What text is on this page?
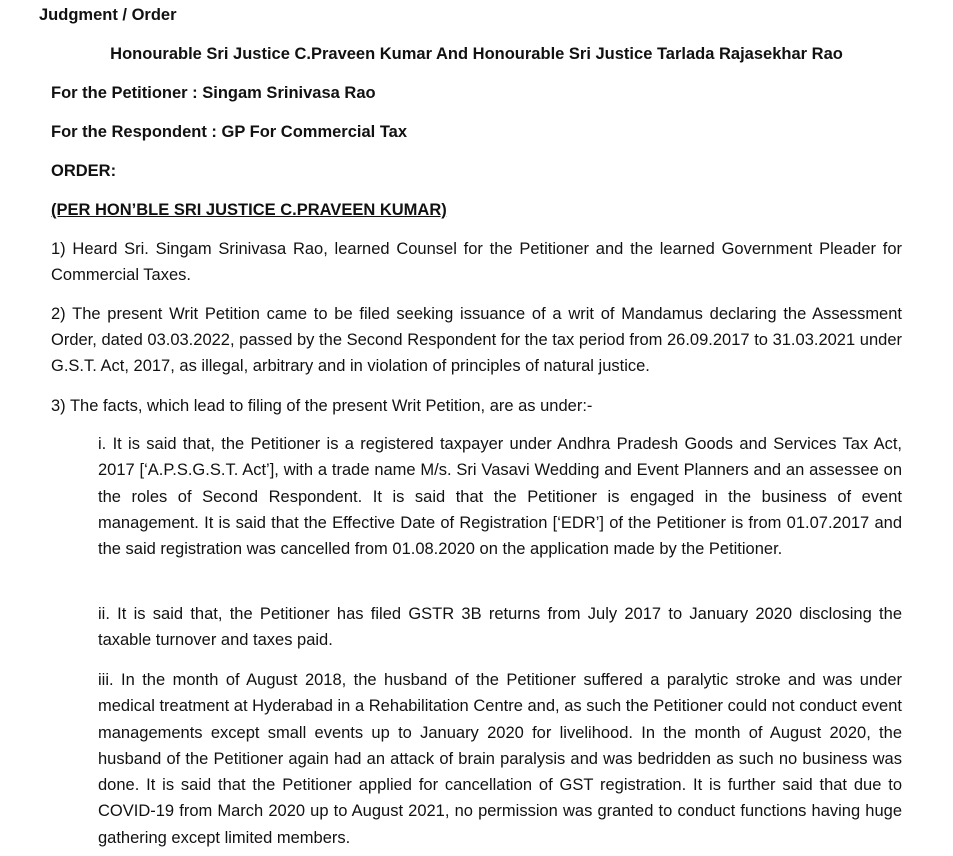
Judgment / Order

Honourable Sri Justice C.Praveen Kumar And Honourable Sri Justice Tarlada Rajasekhar Rao

For the Petitioner : Singam Srinivasa Rao

For the Respondent : GP For Commercial Tax

ORDER:

(PER HON’BLE SRI JUSTICE C.PRAVEEN KUMAR)

1) Heard Sri. Singam Srinivasa Rao, learned Counsel for the Petitioner and the learned Government Pleader for Commercial Taxes.

2) The present Writ Petition came to be filed seeking issuance of a writ of Mandamus declaring the Assessment Order, dated 03.03.2022, passed by the Second Respondent for the tax period from 26.09.2017 to 31.03.2021 under G.S.T. Act, 2017, as illegal, arbitrary and in violation of principles of natural justice.

3) The facts, which lead to filing of the present Writ Petition, are as under:-

i. It is said that, the Petitioner is a registered taxpayer under Andhra Pradesh Goods and Services Tax Act, 2017 [‘A.P.S.G.S.T. Act’], with a trade name M/s. Sri Vasavi Wedding and Event Planners and an assessee on the roles of Second Respondent. It is said that the Petitioner is engaged in the business of event management. It is said that the Effective Date of Registration [‘EDR’] of the Petitioner is from 01.07.2017 and the said registration was cancelled from 01.08.2020 on the application made by the Petitioner.

ii. It is said that, the Petitioner has filed GSTR 3B returns from July 2017 to January 2020 disclosing the taxable turnover and taxes paid.

iii. In the month of August 2018, the husband of the Petitioner suffered a paralytic stroke and was under medical treatment at Hyderabad in a Rehabilitation Centre and, as such the Petitioner could not conduct event managements except small events up to January 2020 for livelihood. In the month of August 2020, the husband of the Petitioner again had an attack of brain paralysis and was bedridden as such no business was done. It is said that the Petitioner applied for cancellation of GST registration. It is further said that due to COVID-19 from March 2020 up to August 2021, no permission was granted to conduct functions having huge gathering except limited members.
